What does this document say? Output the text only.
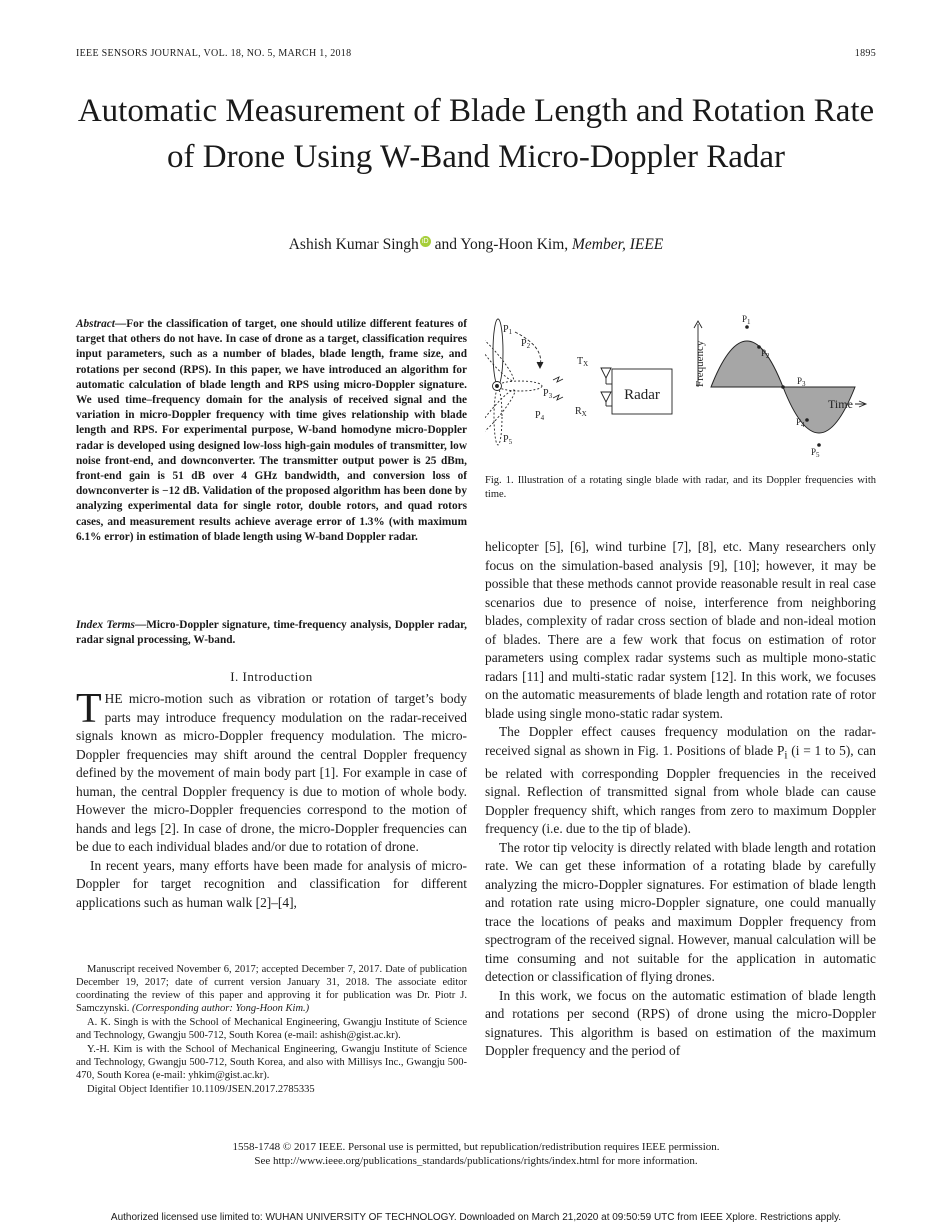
IEEE SENSORS JOURNAL, VOL. 18, NO. 5, MARCH 1, 2018	1895
Automatic Measurement of Blade Length and Rotation Rate of Drone Using W-Band Micro-Doppler Radar
Ashish Kumar Singh iD and Yong-Hoon Kim, Member, IEEE
Abstract—For the classification of target, one should utilize different features of target that others do not have. In case of drone as a target, classification requires input parameters, such as a number of blades, blade length, frame size, and rotations per second (RPS). In this paper, we have introduced an algorithm for automatic calculation of blade length and RPS using micro-Doppler signature. We used time–frequency domain for the analysis of received signal and the variation in micro-Doppler frequency with time gives relationship with blade length and RPS. For experimental purpose, W-band homodyne micro-Doppler radar is developed using designed low-loss high-gain modules of transmitter, low noise front-end, and downconverter. The transmitter output power is 25 dBm, front-end gain is 51 dB over 4 GHz bandwidth, and conversion loss of downconverter is −12 dB. Validation of the proposed algorithm has been done by analyzing experimental data for single rotor, double rotors, and quad rotors cases, and measurement results achieve average error of 1.3% (with maximum 6.1% error) in estimation of blade length using W-band Doppler radar.
Index Terms—Micro-Doppler signature, time-frequency analysis, Doppler radar, radar signal processing, W-band.
I. Introduction

THE micro-motion such as vibration or rotation of target’s body parts may introduce frequency modulation on the radar-received signals known as micro-Doppler frequency modulation. The micro-Doppler frequencies may shift around the central Doppler frequency defined by the movement of main body part [1]. For example in case of human, the central Doppler frequency is due to motion of whole body. However the micro-Doppler frequencies correspond to the motion of hands and legs [2]. In case of drone, the micro-Doppler frequencies can be due to each individual blades and/or due to rotation of drone.

In recent years, many efforts have been made for analysis of micro-Doppler for target recognition and classification for different applications such as human walk [2]–[4],

Manuscript received November 6, 2017; accepted December 7, 2017. Date of publication December 19, 2017; date of current version January 31, 2018. The associate editor coordinating the review of this paper and approving it for publication was Dr. Piotr J. Samczynski. (Corresponding author: Yong-Hoon Kim.)

A. K. Singh is with the School of Mechanical Engineering, Gwangju Institute of Science and Technology, Gwangju 500-712, South Korea (e-mail: ashish@gist.ac.kr).

Y.-H. Kim is with the School of Mechanical Engineering, Gwangju Institute of Science and Technology, Gwangju 500-712, South Korea, and also with Millisys Inc., Gwangju 500-470, South Korea (e-mail: yhkim@gist.ac.kr).

Digital Object Identifier 10.1109/JSEN.2017.2785335

$P_1$
$P_2$
$P_3$
$P_4$
$P_5$
Radar
$T_X$
$R_X$
Frequency
Time
$P_1$
$P_2$
$P_3$
$P_4$
$P_5$
Fig. 1. Illustration of a rotating single blade with radar, and its Doppler frequencies with time.

helicopter [5], [6], wind turbine [7], [8], etc. Many researchers only focus on the simulation-based analysis [9], [10]; however, it may be possible that these methods cannot provide reasonable result in real case scenarios due to presence of noise, interference from neighboring blades, complexity of radar cross section of blade and non-ideal motion of blades. There are a few work that focus on estimation of rotor parameters using complex radar systems such as multiple mono-static radars [11] and multi-static radar system [12]. In this work, we focuses on the automatic measurements of blade length and rotation rate of rotor blade using single mono-static radar system.

The Doppler effect causes frequency modulation on the radar-received signal as shown in Fig. 1. Positions of blade $P_i$ (i = 1 to 5), can be related with corresponding Doppler frequencies in the received signal. Reflection of transmitted signal from whole blade can cause Doppler frequency shift, which ranges from zero to maximum Doppler frequency (i.e. due to the tip of blade).

The rotor tip velocity is directly related with blade length and rotation rate. We can get these information of a rotating blade by carefully analyzing the micro-Doppler signatures. For estimation of blade length and rotation rate using micro-Doppler signature, one could manually trace the locations of peaks and maximum Doppler frequency from spectrogram of the received signal. However, manual calculation will be time consuming and not suitable for the application in automatic detection or classification of flying drones.

In this work, we focus on the automatic estimation of blade length and rotations per second (RPS) of drone using the micro-Doppler signatures. This algorithm is based on estimation of the maximum Doppler frequency and the period of

1558-1748 © 2017 IEEE. Personal use is permitted, but republication/redistribution requires IEEE permission.
See http://www.ieee.org/publications_standards/publications/rights/index.html for more information.
Authorized licensed use limited to: WUHAN UNIVERSITY OF TECHNOLOGY. Downloaded on March 21,2020 at 09:50:59 UTC from IEEE Xplore. Restrictions apply.
